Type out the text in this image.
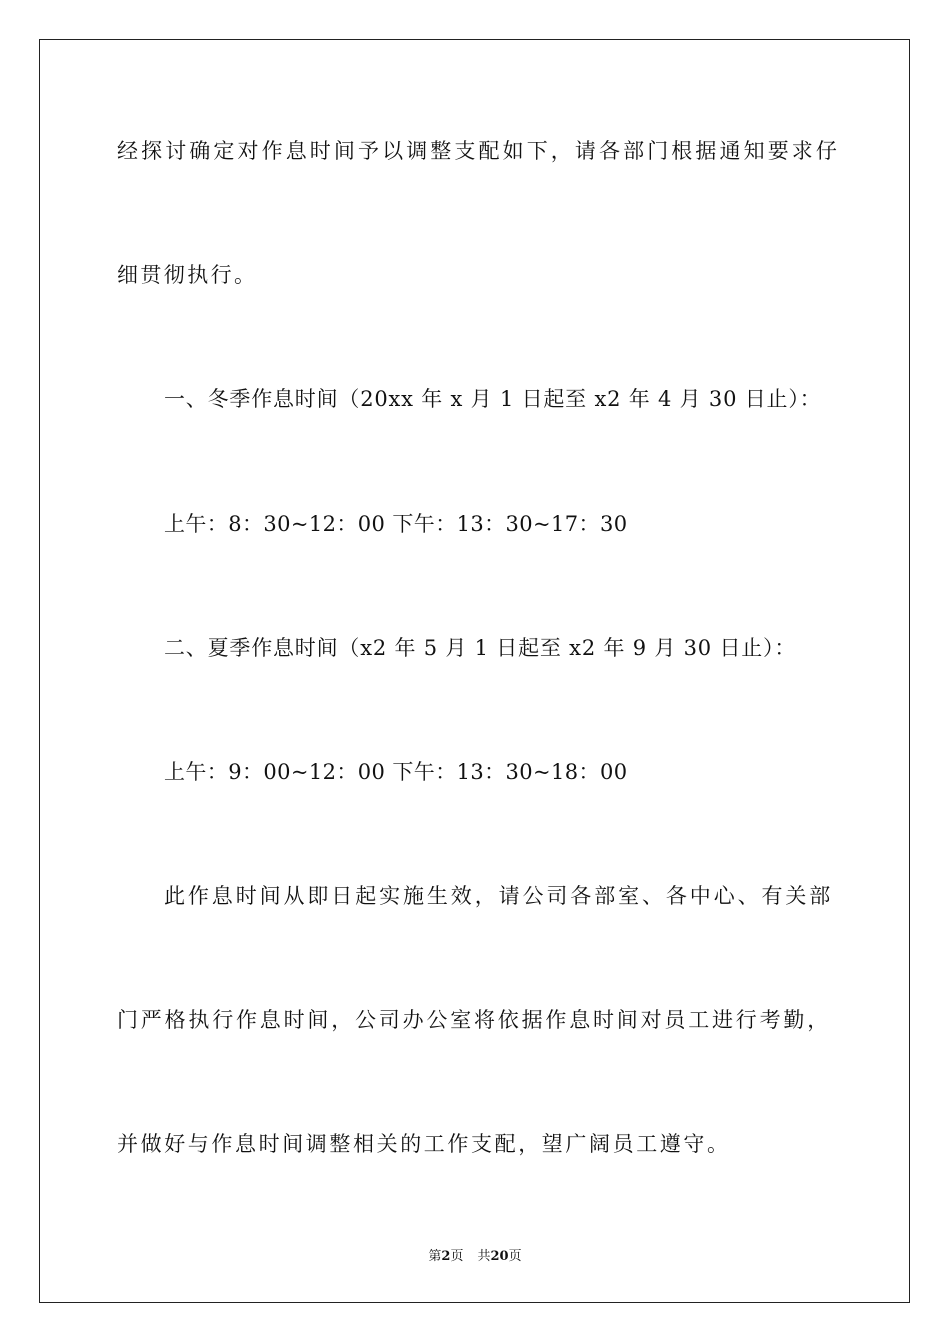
经探讨确定对作息时间予以调整支配如下，请各部门根据通知要求仔
细贯彻执行。
一、冬季作息时间（20xx 年 x 月 1 日起至 x2 年 4 月 30 日止）：
上午：8：30~12：00 下午：13：30~17：30
二、夏季作息时间（x2 年 5 月 1 日起至 x2 年 9 月 30 日止）：
上午：9：00~12：00 下午：13：30~18：00
此作息时间从即日起实施生效，请公司各部室、各中心、有关部
门严格执行作息时间，公司办公室将依据作息时间对员工进行考勤，
并做好与作息时间调整相关的工作支配，望广阔员工遵守。
第2页 共20页
